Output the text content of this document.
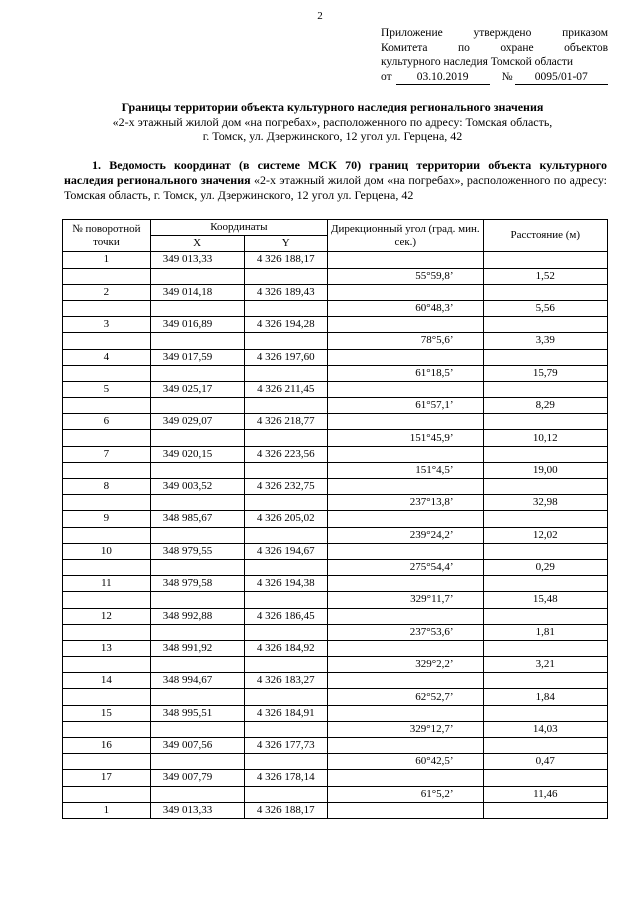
2
Приложение утверждено приказом
Комитета по охране объектов
культурного наследия Томской области
от	03.10.2019	№	0095/01-07
Границы территории объекта культурного наследия регионального значения
«2-х этажный жилой дом «на погребах», расположенного по адресу: Томская область,
г. Томск, ул. Дзержинского, 12 угол ул. Герцена, 42
1. Ведомость координат (в системе МСК 70) границ территории объекта культурного наследия регионального значения «2-х этажный жилой дом «на погребах», расположенного по адресу: Томская область, г. Томск, ул. Дзержинского, 12 угол ул. Герцена, 42
№ поворотной точки	Координаты		Дирекционный угол (град. мин. сек.)	Расстояние (м)
	X	Y		
1	349 013,33	4 326 188,17		
			55°59,8’	1,52
2	349 014,18	4 326 189,43		
			60°48,3’	5,56
3	349 016,89	4 326 194,28		
			78°5,6’	3,39
4	349 017,59	4 326 197,60		
			61°18,5’	15,79
5	349 025,17	4 326 211,45		
			61°57,1’	8,29
6	349 029,07	4 326 218,77		
			151°45,9’	10,12
7	349 020,15	4 326 223,56		
			151°4,5’	19,00
8	349 003,52	4 326 232,75		
			237°13,8’	32,98
9	348 985,67	4 326 205,02		
			239°24,2’	12,02
10	348 979,55	4 326 194,67		
			275°54,4’	0,29
11	348 979,58	4 326 194,38		
			329°11,7’	15,48
12	348 992,88	4 326 186,45		
			237°53,6’	1,81
13	348 991,92	4 326 184,92		
			329°2,2’	3,21
14	348 994,67	4 326 183,27		
			62°52,7’	1,84
15	348 995,51	4 326 184,91		
			329°12,7’	14,03
16	349 007,56	4 326 177,73		
			60°42,5’	0,47
17	349 007,79	4 326 178,14		
			61°5,2’	11,46
1	349 013,33	4 326 188,17		
